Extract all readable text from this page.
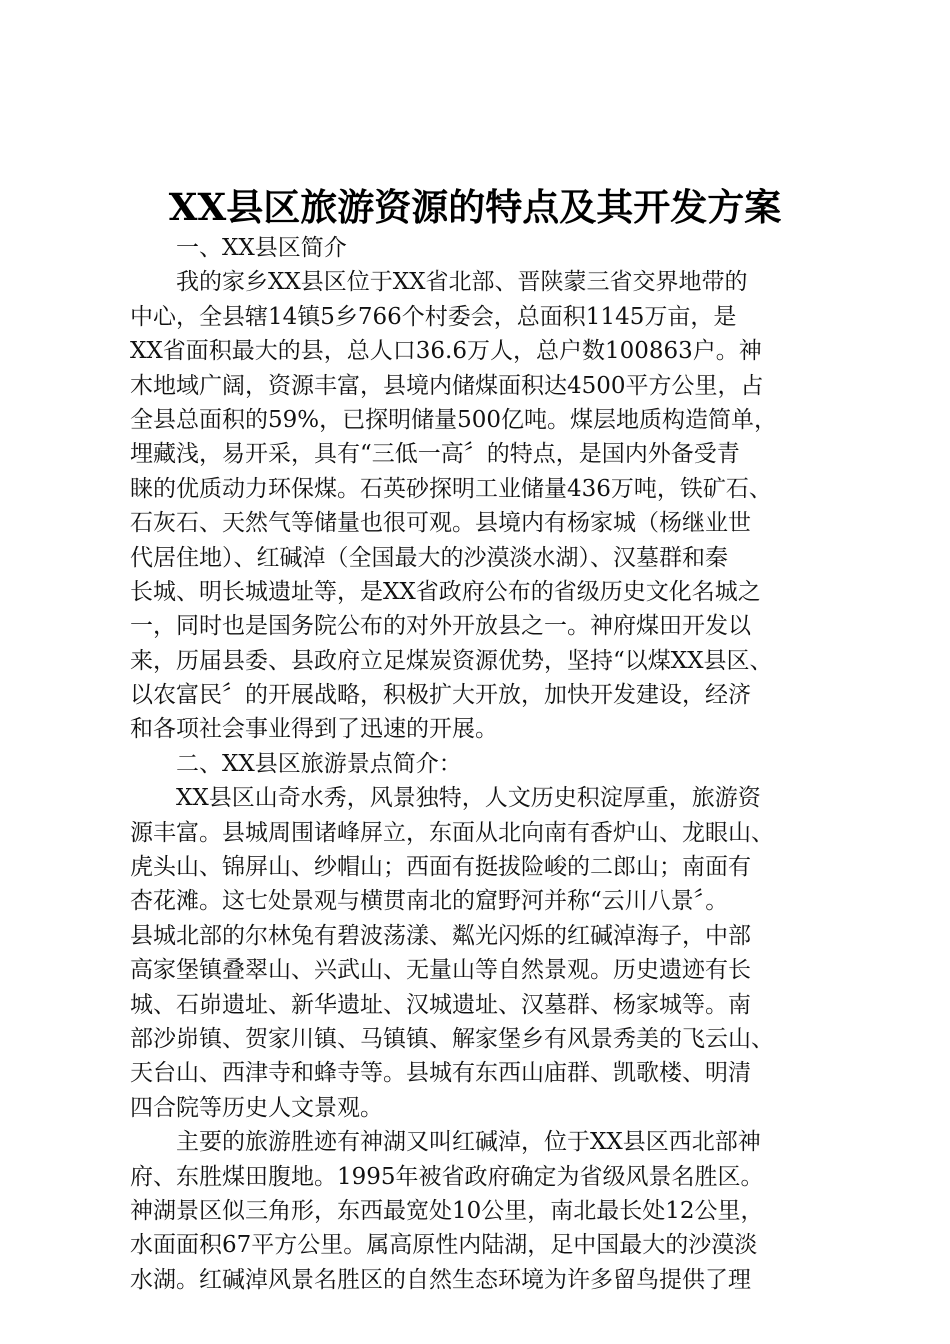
XX县区旅游资源的特点及其开发方案
　　一、XX县区简介
　　我的家乡XX县区位于XX省北部、晋陕蒙三省交界地带的
中心，全县辖14镇5乡766个村委会，总面积1145万亩，是
XX省面积最大的县，总人口36.6万人，总户数100863户。神
木地域广阔，资源丰富，县境内储煤面积达4500平方公里，占
全县总面积的59%，已探明储量500亿吨。煤层地质构造简单，
埋藏浅，易开采，具有“三低一高〞的特点，是国内外备受青
睐的优质动力环保煤。石英砂探明工业储量436万吨，铁矿石、
石灰石、天然气等储量也很可观。县境内有杨家城（杨继业世
代居住地）、红碱淖（全国最大的沙漠淡水湖）、汉墓群和秦
长城、明长城遗址等，是XX省政府公布的省级历史文化名城之
一，同时也是国务院公布的对外开放县之一。神府煤田开发以
来，历届县委、县政府立足煤炭资源优势，坚持“以煤XX县区、
以农富民〞的开展战略，积极扩大开放，加快开发建设，经济
和各项社会事业得到了迅速的开展。
　　二、XX县区旅游景点简介：
　　XX县区山奇水秀，风景独特，人文历史积淀厚重，旅游资
源丰富。县城周围诸峰屏立，东面从北向南有香炉山、龙眼山、
虎头山、锦屏山、纱帽山；西面有挺拔险峻的二郎山；南面有
杏花滩。这七处景观与横贯南北的窟野河并称“云川八景〞。
县城北部的尔林兔有碧波荡漾、粼光闪烁的红碱淖海子，中部
高家堡镇叠翠山、兴武山、无量山等自然景观。历史遗迹有长
城、石峁遗址、新华遗址、汉城遗址、汉墓群、杨家城等。南
部沙峁镇、贺家川镇、马镇镇、解家堡乡有风景秀美的飞云山、
天台山、西津寺和蜂寺等。县城有东西山庙群、凯歌楼、明清
四合院等历史人文景观。
　　主要的旅游胜迹有神湖又叫红碱淖，位于XX县区西北部神
府、东胜煤田腹地。1995年被省政府确定为省级风景名胜区。
神湖景区似三角形，东西最宽处10公里，南北最长处12公里，
水面面积67平方公里。属高原性内陆湖，足中国最大的沙漠淡
水湖。红碱淖风景名胜区的自然生态环境为许多留鸟提供了理
